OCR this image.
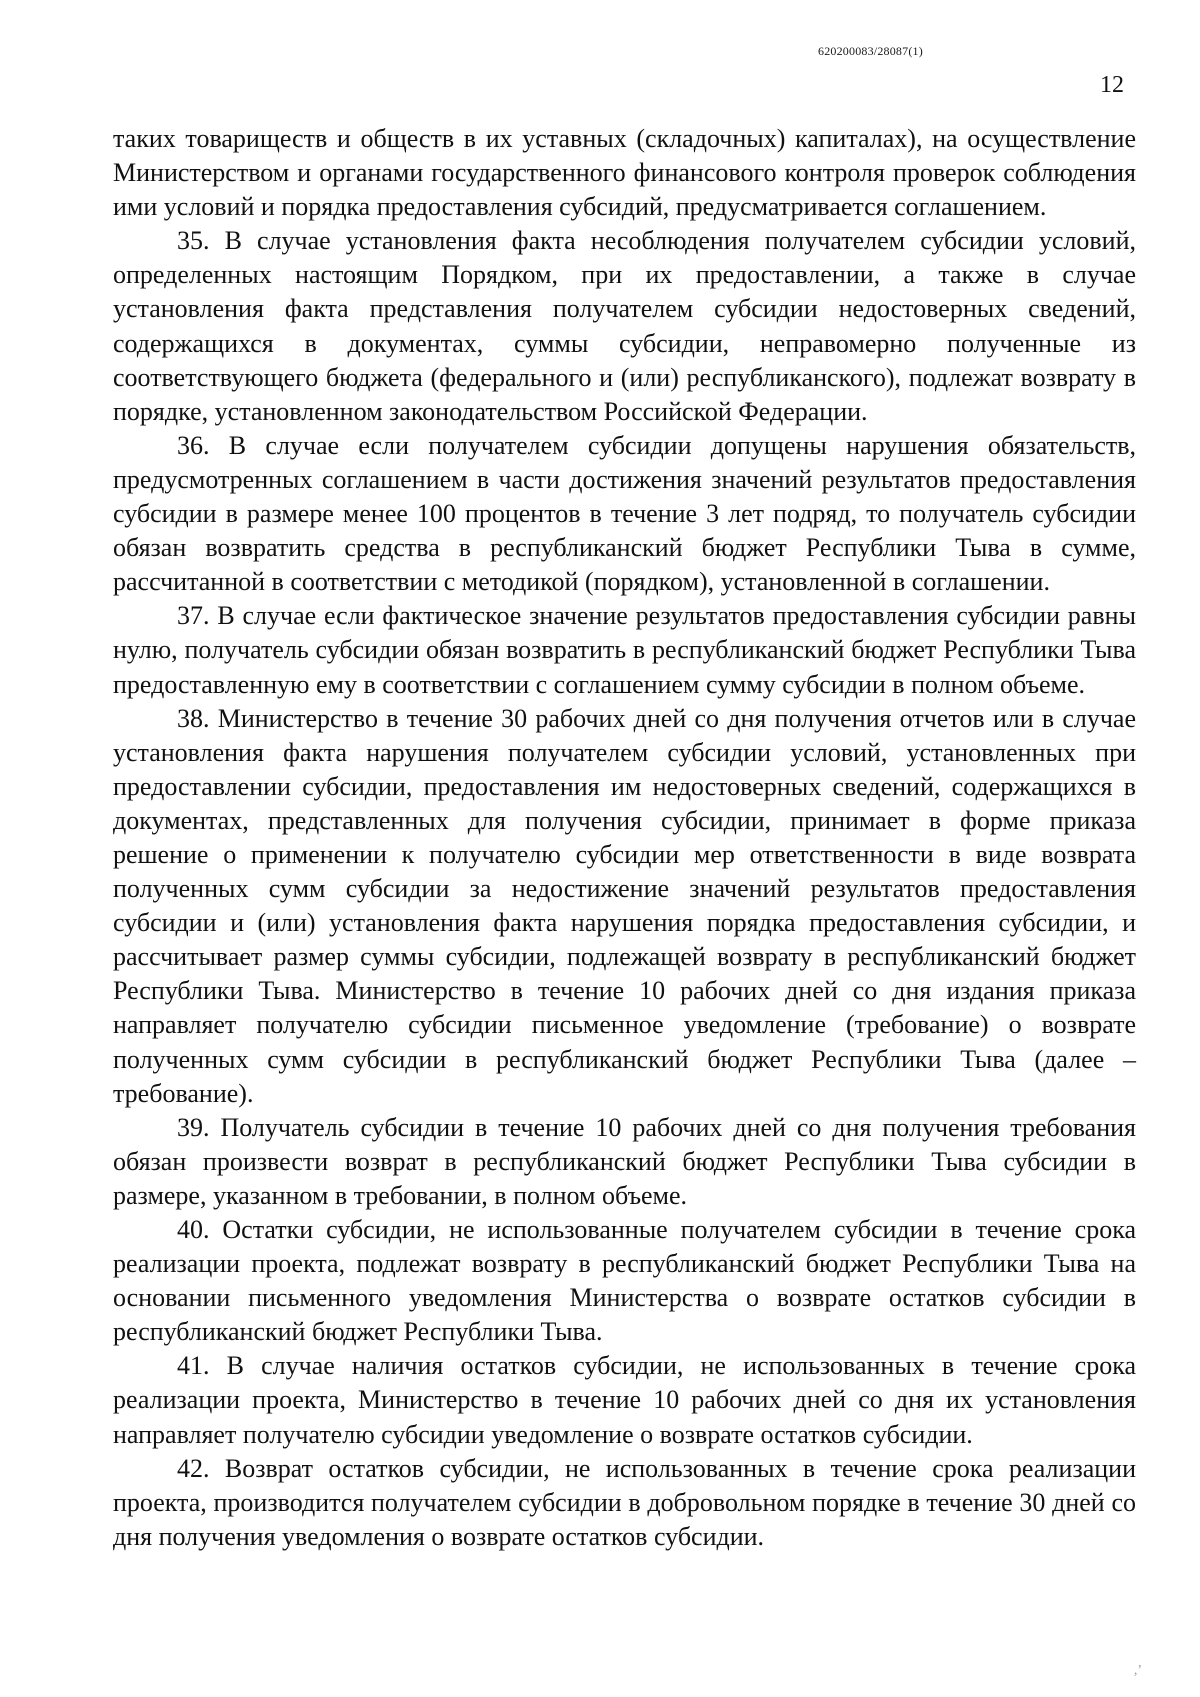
620200083/28087(1)
12

таких товариществ и обществ в их уставных (складочных) капиталах), на осуществление Министерством и органами государственного финансового контроля проверок соблюдения ими условий и порядка предоставления субсидий, предусматривается соглашением.

35. В случае установления факта несоблюдения получателем субсидии условий, определенных настоящим Порядком, при их предоставлении, а также в случае установления факта представления получателем субсидии недостоверных сведений, содержащихся в документах, суммы субсидии, неправомерно полученные из соответствующего бюджета (федерального и (или) республиканского), подлежат возврату в порядке, установленном законодательством Российской Федерации.

36. В случае если получателем субсидии допущены нарушения обязательств, предусмотренных соглашением в части достижения значений результатов предоставления субсидии в размере менее 100 процентов в течение 3 лет подряд, то получатель субсидии обязан возвратить средства в республиканский бюджет Республики Тыва в сумме, рассчитанной в соответствии с методикой (порядком), установленной в соглашении.

37. В случае если фактическое значение результатов предоставления субсидии равны нулю, получатель субсидии обязан возвратить в республиканский бюджет Республики Тыва предоставленную ему в соответствии с соглашением сумму субсидии в полном объеме.

38. Министерство в течение 30 рабочих дней со дня получения отчетов или в случае установления факта нарушения получателем субсидии условий, установленных при предоставлении субсидии, предоставления им недостоверных сведений, содержащихся в документах, представленных для получения субсидии, принимает в форме приказа решение о применении к получателю субсидии мер ответственности в виде возврата полученных сумм субсидии за недостижение значений результатов предоставления субсидии и (или) установления факта нарушения порядка предоставления субсидии, и рассчитывает размер суммы субсидии, подлежащей возврату в республиканский бюджет Республики Тыва. Министерство в течение 10 рабочих дней со дня издания приказа направляет получателю субсидии письменное уведомление (требование) о возврате полученных сумм субсидии в республиканский бюджет Республики Тыва (далее – требование).

39. Получатель субсидии в течение 10 рабочих дней со дня получения требования обязан произвести возврат в республиканский бюджет Республики Тыва субсидии в размере, указанном в требовании, в полном объеме.

40. Остатки субсидии, не использованные получателем субсидии в течение срока реализации проекта, подлежат возврату в республиканский бюджет Республики Тыва на основании письменного уведомления Министерства о возврате остатков субсидии в республиканский бюджет Республики Тыва.

41. В случае наличия остатков субсидии, не использованных в течение срока реализации проекта, Министерство в течение 10 рабочих дней со дня их установления направляет получателю субсидии уведомление о возврате остатков субсидии.

42. Возврат остатков субсидии, не использованных в течение срока реализации проекта, производится получателем субсидии в добровольном порядке в течение 30 дней со дня получения уведомления о возврате остатков субсидии.

,ʼ
